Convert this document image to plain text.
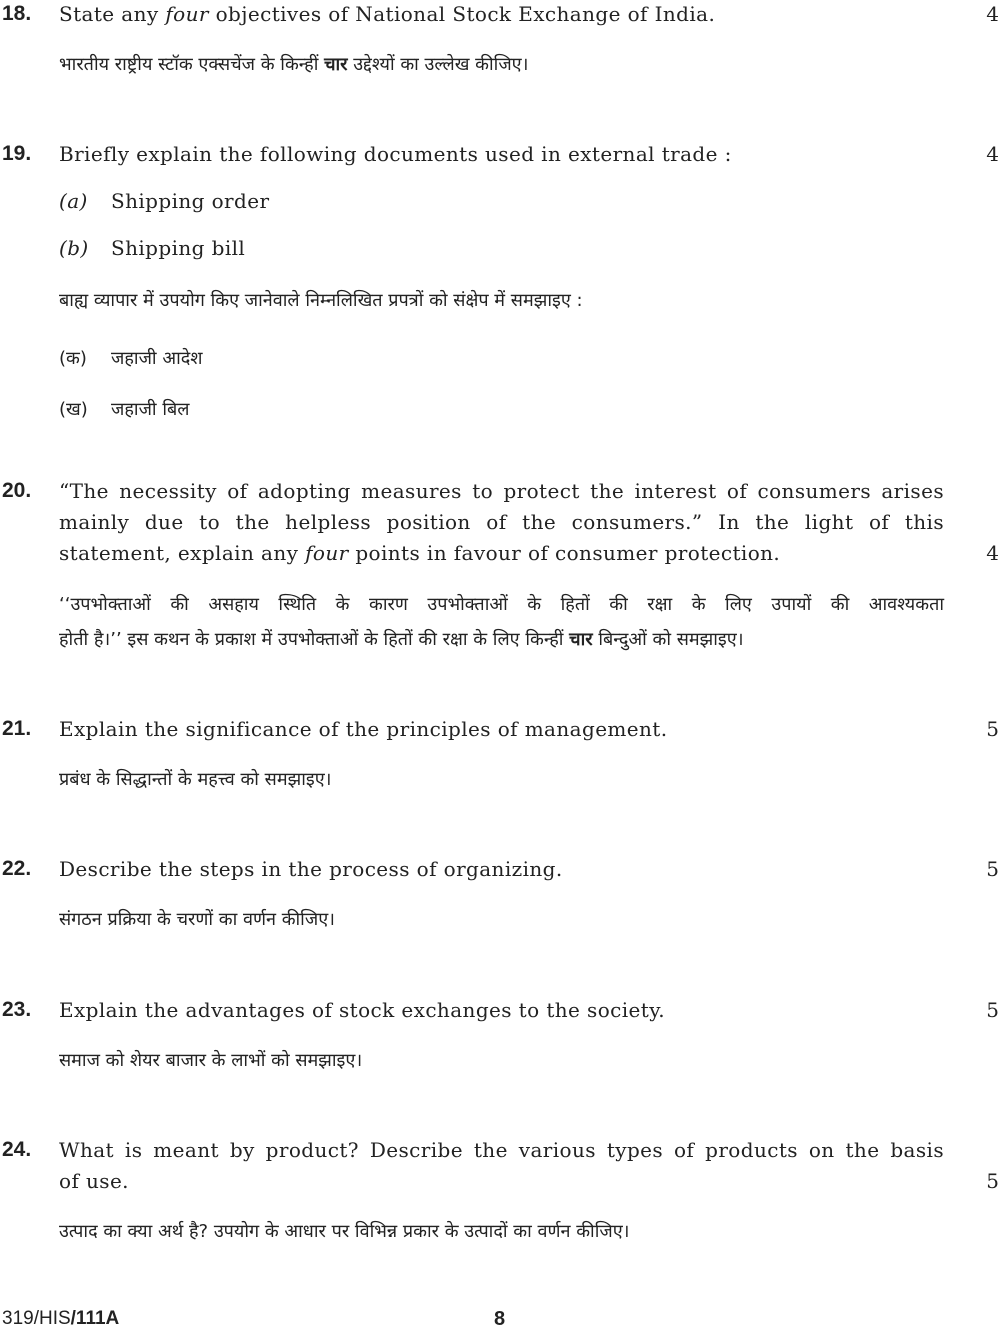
18. State any four objectives of National Stock Exchange of India.	4
भारतीय राष्ट्रीय स्टॉक एक्सचेंज के किन्हीं चार उद्देश्यों का उल्लेख कीजिए।
19. Briefly explain the following documents used in external trade :	4
(a) Shipping order
(b) Shipping bill
बाह्य व्यापार में उपयोग किए जानेवाले निम्नलिखित प्रपत्रों को संक्षेप में समझाइए :
(क) जहाजी आदेश
(ख) जहाजी बिल
20. “The necessity of adopting measures to protect the interest of consumers arises
mainly due to the helpless position of the consumers.” In the light of this
statement, explain any four points in favour of consumer protection.	4
‘‘उपभोक्ताओं की असहाय स्थिति के कारण उपभोक्ताओं के हितों की रक्षा के लिए उपायों की आवश्यकता
होती है।’’ इस कथन के प्रकाश में उपभोक्ताओं के हितों की रक्षा के लिए किन्हीं चार बिन्दुओं को समझाइए।
21. Explain the significance of the principles of management.	5
प्रबंध के सिद्धान्तों के महत्त्व को समझाइए।
22. Describe the steps in the process of organizing.	5
संगठन प्रक्रिया के चरणों का वर्णन कीजिए।
23. Explain the advantages of stock exchanges to the society.	5
समाज को शेयर बाजार के लाभों को समझाइए।
24. What is meant by product? Describe the various types of products on the basis
of use.	5
उत्पाद का क्या अर्थ है? उपयोग के आधार पर विभिन्न प्रकार के उत्पादों का वर्णन कीजिए।
319/HIS/111A	8
